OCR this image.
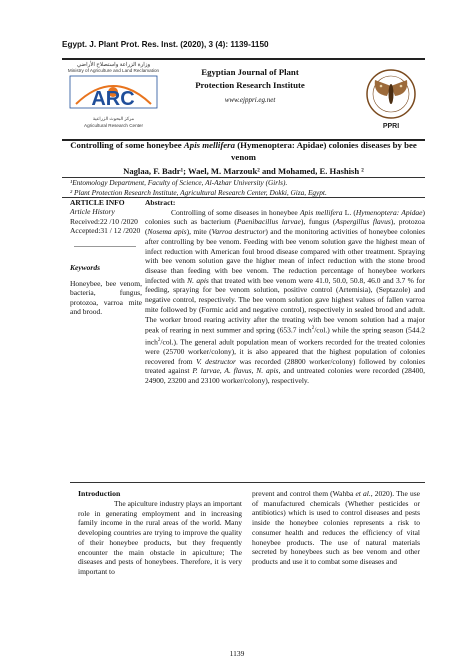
Egypt. J. Plant Prot. Res. Inst. (2020), 3 (4): 1139-1150
وزارة الزراعة واستصلاح الأراضي
Ministry of Agriculture and Land Reclamation
ARC
مركز البحوث الزراعية
Agricultural Research Center
Egyptian Journal of Plant
Protection Research Institute
www.ejppri.eg.net
PPRI
Controlling of some honeybee Apis mellifera (Hymenoptera: Apidae) colonies diseases by bee venom
Naglaa, F. Badr¹; Wael, M. Marzouk² and Mohamed, E. Hashish ²
¹Entomology Department, Faculty of Science, Al-Azhar University (Girls).
² Plant Protection Research Institute, Agricultural Research Center, Dokki, Giza, Egypt.
ARTICLE INFO
Article History
Received:22 /10 /2020
Accepted:31 / 12 /2020
Keywords
Honeybee, bee venom, bacteria, fungus, protozoa, varroa mite and brood.
Abstract:

Controlling of some diseases in honeybee Apis mellifera L. (Hymenoptera: Apidae) colonies such as bacterium (Paenibacillus larvae), fungus (Aspergillus flavus), protozoa (Nosema apis), mite (Varroa destructor) and the monitoring activities of honeybee colonies after controlling by bee venom. Feeding with bee venom solution gave the highest mean of infect reduction with American foul brood disease compared with other treatment. Spraying with bee venom solution gave the higher mean of infect reduction with the stone brood disease than feeding with bee venom. The reduction percentage of honeybee workers infected with N. apis that treated with bee venom were 41.0, 50.0, 50.8, 46.0 and 3.7 % for feeding, spraying for bee venom solution, positive control (Artemisia), (Septazole) and negative control, respectively. The bee venom solution gave highest values of fallen varroa mite followed by (Formic acid and negative control), respectively in sealed brood and adult. The worker brood rearing activity after the treating with bee venom solution had a major peak of rearing in next summer and spring (653.7 inch$^2$/col.) while the spring season (544.2 inch$^2$/col.). The general adult population mean of workers recorded for the treated colonies were (25700 worker/colony), it is also appeared that the highest population of colonies recovered from V. destructor was recorded (28800 worker/colony) followed by colonies treated against P. larvae, A. flavus, N. apis, and untreated colonies were recorded (28400, 24900, 23200 and 23100 worker/colony), respectively.

Introduction

The apiculture industry plays an important role in generating employment and in increasing family income in the rural areas of the world. Many developing countries are trying to improve the quality of their honeybee products, but they frequently encounter the main obstacle in apiculture; The diseases and pests of honeybees. Therefore, it is very important to

prevent and control them (Wahba et al., 2020). The use of manufactured chemicals (Whether pesticides or antibiotics) which is used to control diseases and pests inside the honeybee colonies represents a risk to consumer health and reduces the efficiency of vital honeybee products. The use of natural materials secreted by honeybees such as bee venom and other products and use it to combat some diseases and
1139
